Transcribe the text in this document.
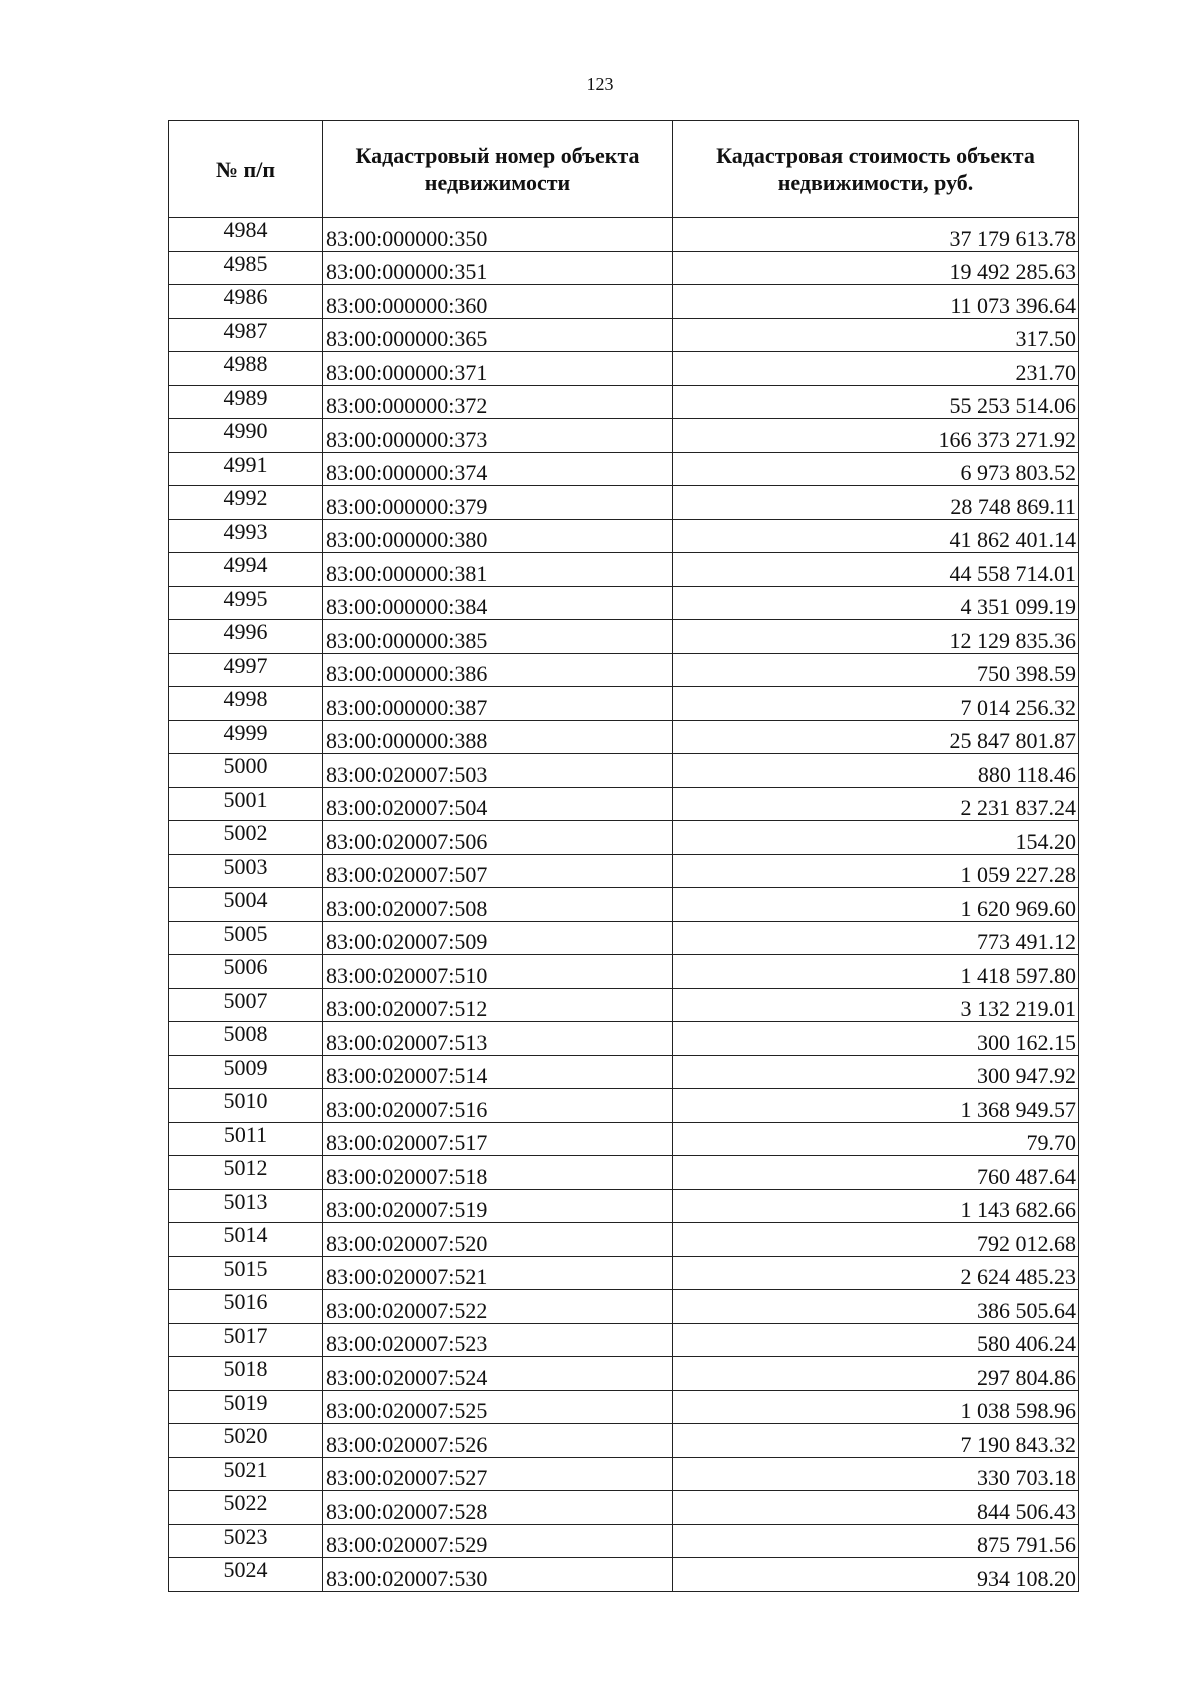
123
№ п/п	Кадастровый номер объекта недвижимости	Кадастровая стоимость объекта недвижимости, руб.
4984	83:00:000000:350	37 179 613.78
4985	83:00:000000:351	19 492 285.63
4986	83:00:000000:360	11 073 396.64
4987	83:00:000000:365	317.50
4988	83:00:000000:371	231.70
4989	83:00:000000:372	55 253 514.06
4990	83:00:000000:373	166 373 271.92
4991	83:00:000000:374	6 973 803.52
4992	83:00:000000:379	28 748 869.11
4993	83:00:000000:380	41 862 401.14
4994	83:00:000000:381	44 558 714.01
4995	83:00:000000:384	4 351 099.19
4996	83:00:000000:385	12 129 835.36
4997	83:00:000000:386	750 398.59
4998	83:00:000000:387	7 014 256.32
4999	83:00:000000:388	25 847 801.87
5000	83:00:020007:503	880 118.46
5001	83:00:020007:504	2 231 837.24
5002	83:00:020007:506	154.20
5003	83:00:020007:507	1 059 227.28
5004	83:00:020007:508	1 620 969.60
5005	83:00:020007:509	773 491.12
5006	83:00:020007:510	1 418 597.80
5007	83:00:020007:512	3 132 219.01
5008	83:00:020007:513	300 162.15
5009	83:00:020007:514	300 947.92
5010	83:00:020007:516	1 368 949.57
5011	83:00:020007:517	79.70
5012	83:00:020007:518	760 487.64
5013	83:00:020007:519	1 143 682.66
5014	83:00:020007:520	792 012.68
5015	83:00:020007:521	2 624 485.23
5016	83:00:020007:522	386 505.64
5017	83:00:020007:523	580 406.24
5018	83:00:020007:524	297 804.86
5019	83:00:020007:525	1 038 598.96
5020	83:00:020007:526	7 190 843.32
5021	83:00:020007:527	330 703.18
5022	83:00:020007:528	844 506.43
5023	83:00:020007:529	875 791.56
5024	83:00:020007:530	934 108.20
